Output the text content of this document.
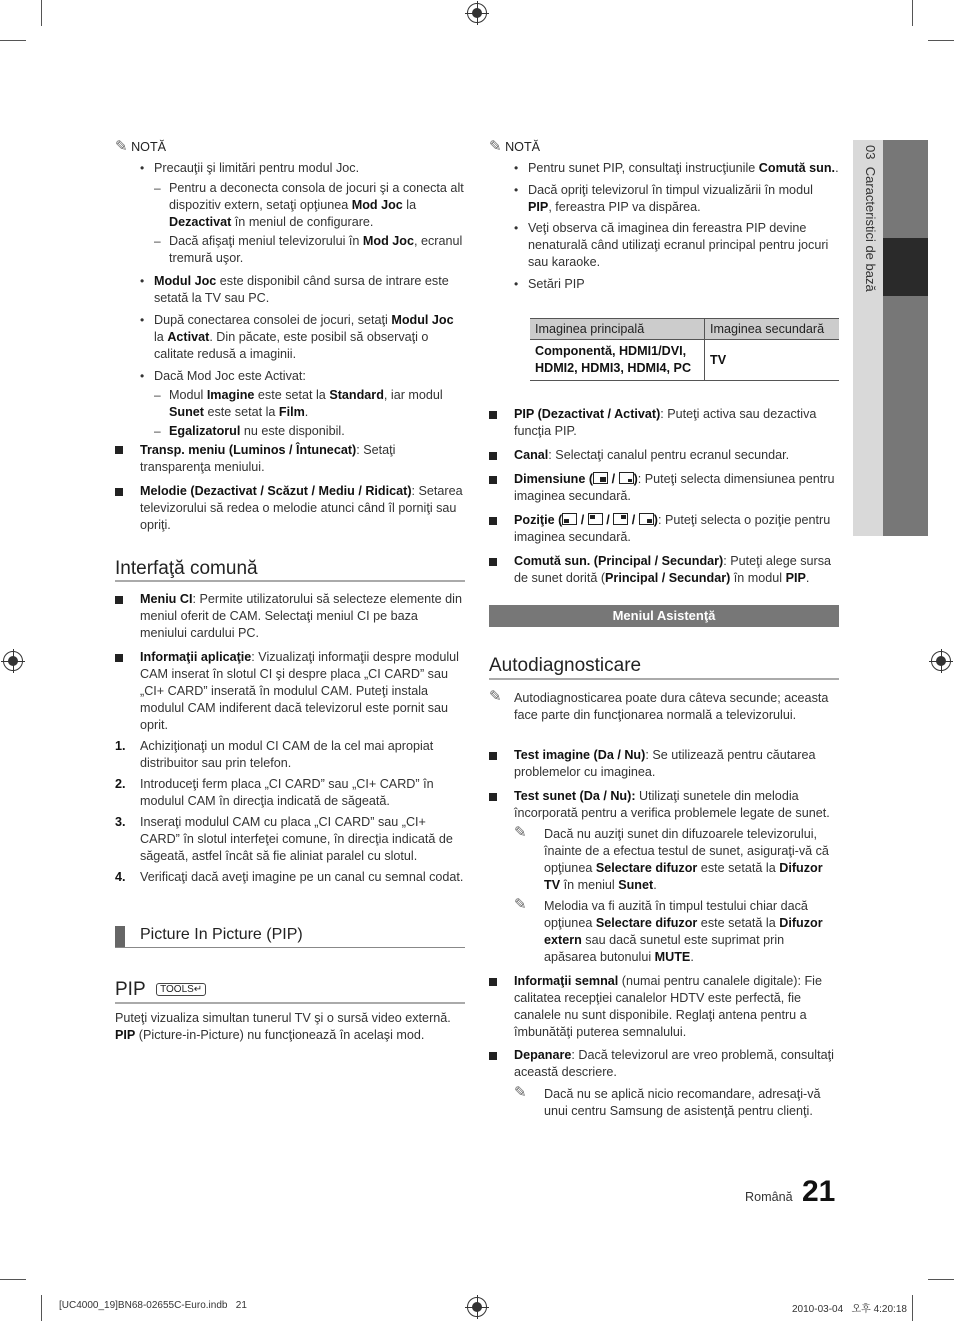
03  Caracteristici de bază
✎ NOTĂ
• Precauţii şi limitări pentru modul Joc.
– Pentru a deconecta consola de jocuri şi a conecta alt dispozitiv extern, setaţi opţiunea Mod Joc la Dezactivat în meniul de configurare.
– Dacă afişaţi meniul televizorului în Mod Joc, ecranul tremură uşor.
• Modul Joc este disponibil când sursa de intrare este setată la TV sau PC.
• După conectarea consolei de jocuri, setaţi Modul Joc la Activat. Din păcate, este posibil să observaţi o calitate redusă a imaginii.
• Dacă Mod Joc este Activat:
– Modul Imagine este setat la Standard, iar modul Sunet este setat la Film.
– Egalizatorul nu este disponibil.
Transp. meniu (Luminos / Întunecat): Setaţi transparenţa meniului.
Melodie (Dezactivat / Scăzut / Mediu / Ridicat): Setarea televizorului să redea o melodie atunci când îl porniţi sau opriţi.
Interfaţă comună
Meniu CI: Permite utilizatorului să selecteze elemente din meniul oferit de CAM. Selectaţi meniul CI pe baza meniului cardului PC.
Informaţii aplicaţie: Vizualizaţi informaţii despre modulul CAM inserat în slotul CI şi despre placa „CI CARD” sau „CI+ CARD” inserată în modulul CAM. Puteţi instala modulul CAM indiferent dacă televizorul este pornit sau oprit.
1. Achiziţionaţi un modul CI CAM de la cel mai apropiat distribuitor sau prin telefon.
2. Introduceţi ferm placa „CI CARD” sau „CI+ CARD” în modulul CAM în direcţia indicată de săgeată.
3. Inseraţi modulul CAM cu placa „CI CARD” sau „CI+ CARD” în slotul interfeţei comune, în direcţia indicată de săgeată, astfel încât să fie aliniat paralel cu slotul.
4. Verificaţi dacă aveţi imagine pe un canal cu semnal codat.
Picture In Picture (PIP)
PIP TOOLS↵
Puteţi vizualiza simultan tunerul TV şi o sursă video externă.
PIP (Picture-in-Picture) nu funcţionează în acelaşi mod.
✎ NOTĂ
• Pentru sunet PIP, consultaţi instrucţiunile Comută sun..
• Dacă opriţi televizorul în timpul vizualizării în modul PIP, fereastra PIP va dispărea.
• Veţi observa că imaginea din fereastra PIP devine nenaturală când utilizaţi ecranul principal pentru jocuri sau karaoke.
• Setări PIP
Imaginea principală	Imaginea secundară
Componentă, HDMI1/DVI, HDMI2, HDMI3, HDMI4, PC	TV
PIP (Dezactivat / Activat): Puteţi activa sau dezactiva funcţia PIP.
Canal: Selectaţi canalul pentru ecranul secundar.
Dimensiune (
/
): Puteţi selecta dimensiunea pentru imaginea secundară.
Poziţie (
/
/
/
): Puteţi selecta o poziţie pentru imaginea secundară.
Comută sun. (Principal / Secundar): Puteţi alege sursa de sunet dorită (Principal / Secundar) în modul PIP.
Meniul Asistenţă
Autodiagnosticare
✎ Autodiagnosticarea poate dura câteva secunde; aceasta face parte din funcţionarea normală a televizorului.
Test imagine (Da / Nu): Se utilizează pentru căutarea problemelor cu imaginea.
Test sunet (Da / Nu): Utilizaţi sunetele din melodia încorporată pentru a verifica problemele legate de sunet.
✎ Dacă nu auziţi sunet din difuzoarele televizorului, înainte de a efectua testul de sunet, asiguraţi-vă că opţiunea Selectare difuzor este setată la Difuzor TV în meniul Sunet.
✎ Melodia va fi auzită în timpul testului chiar dacă opţiunea Selectare difuzor este setată la Difuzor extern sau dacă sunetul este suprimat prin apăsarea butonului MUTE.
Informaţii semnal (numai pentru canalele digitale): Fie calitatea recepţiei canalelor HDTV este perfectă, fie canalele nu sunt disponibile. Reglaţi antena pentru a îmbunătăţi puterea semnalului.
Depanare: Dacă televizorul are vreo problemă, consultaţi această descriere.
✎ Dacă nu se aplică nicio recomandare, adresaţi-vă unui centru Samsung de asistenţă pentru clienţi.
Română 21
[UC4000_19]BN68-02655C-Euro.indb   21	2010-03-04   오후 4:20:18
